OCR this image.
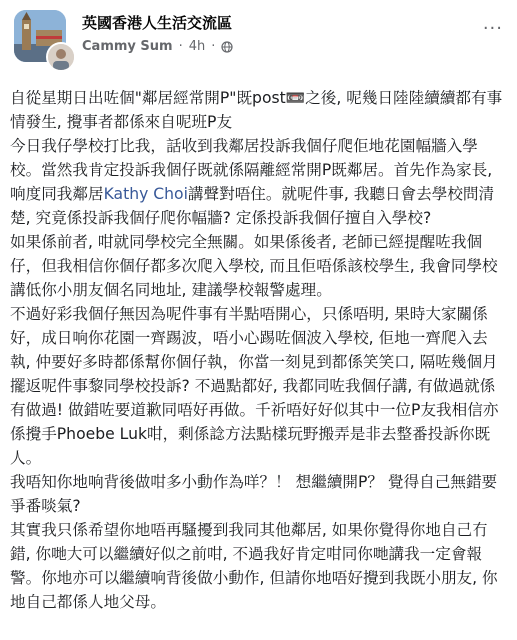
英國香港人生活交流區
Cammy Sum · 4h ·
···

自從星期日出咗個"鄰居經常開P"既post📼之後, 呢幾日陸陸續續都有事情發生, 攪事者都係來自呢班P友

今日我仔學校打比我，話收到我鄰居投訴我個仔爬佢地花園幅牆入學校。當然我肯定投訴我個仔既就係隔離經常開P既鄰居。首先作為家長,响度同我鄰居Kathy Choi講聲對唔住。就呢件事, 我聽日會去學校問清楚, 究竟係投訴我個仔爬你幅牆? 定係投訴我個仔擅自入學校?

如果係前者, 咁就同學校完全無關。如果係後者, 老師已經提醒咗我個仔，但我相信你個仔都多次爬入學校, 而且佢唔係該校學生, 我會同學校講低你小朋友個名同地址, 建議學校報警處理。

不過好彩我個仔無因為呢件事有半點唔開心，只係唔明, 果時大家關係好，成日响你花園一齊踢波，唔小心踢咗個波入學校, 佢地一齊爬入去執, 仲要好多時都係幫你個仔執，你當一刻見到都係笑笑口, 隔咗幾個月擺返呢件事黎同學校投訴? 不過點都好, 我都同咗我個仔講, 有做過就係有做過! 做錯咗要道歉同唔好再做。千祈唔好好似其中一位P友我相信亦係攪手Phoebe Luk咁，剩係諗方法點樣玩野搬弄是非去整番投訴你既人。

我唔知你地响背後做咁多小動作為咩？！ 想繼續開P？ 覺得自己無錯要爭番啖氣?

其實我只係希望你地唔再騷擾到我同其他鄰居, 如果你覺得你地自己冇錯, 你哋大可以繼續好似之前咁, 不過我好肯定咁同你哋講我一定會報警。你地亦可以繼續响背後做小動作, 但請你地唔好攪到我既小朋友, 你地自己都係人地父母。
